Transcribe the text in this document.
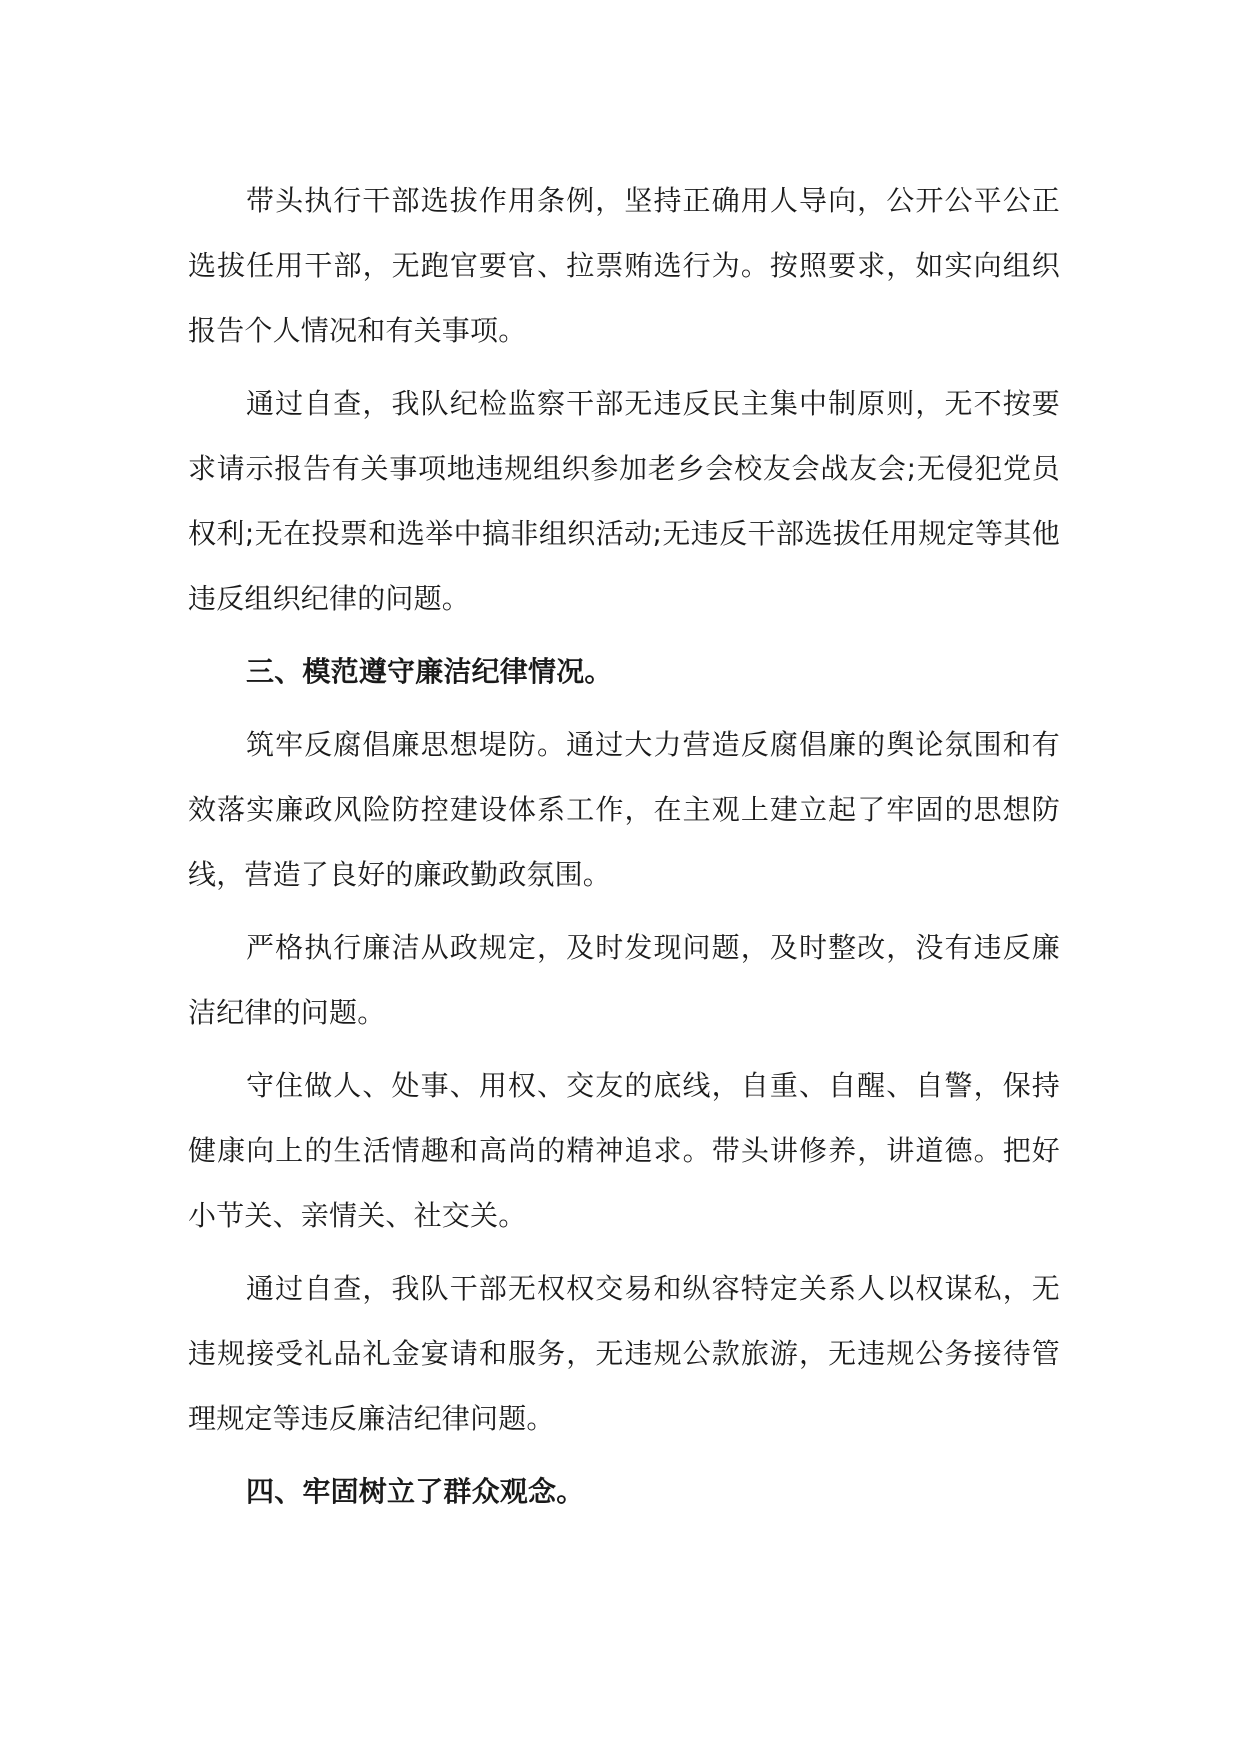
带头执行干部选拔作用条例，坚持正确用人导向，公开公平公正选拔任用干部，无跑官要官、拉票贿选行为。按照要求，如实向组织报告个人情况和有关事项。

通过自查，我队纪检监察干部无违反民主集中制原则，无不按要求请示报告有关事项地违规组织参加老乡会校友会战友会;无侵犯党员权利;无在投票和选举中搞非组织活动;无违反干部选拔任用规定等其他违反组织纪律的问题。

三、模范遵守廉洁纪律情况。

筑牢反腐倡廉思想堤防。通过大力营造反腐倡廉的舆论氛围和有效落实廉政风险防控建设体系工作，在主观上建立起了牢固的思想防线，营造了良好的廉政勤政氛围。

严格执行廉洁从政规定，及时发现问题，及时整改，没有违反廉洁纪律的问题。

守住做人、处事、用权、交友的底线，自重、自醒、自警，保持健康向上的生活情趣和高尚的精神追求。带头讲修养，讲道德。把好小节关、亲情关、社交关。

通过自查，我队干部无权权交易和纵容特定关系人以权谋私，无违规接受礼品礼金宴请和服务，无违规公款旅游，无违规公务接待管理规定等违反廉洁纪律问题。

四、牢固树立了群众观念。
